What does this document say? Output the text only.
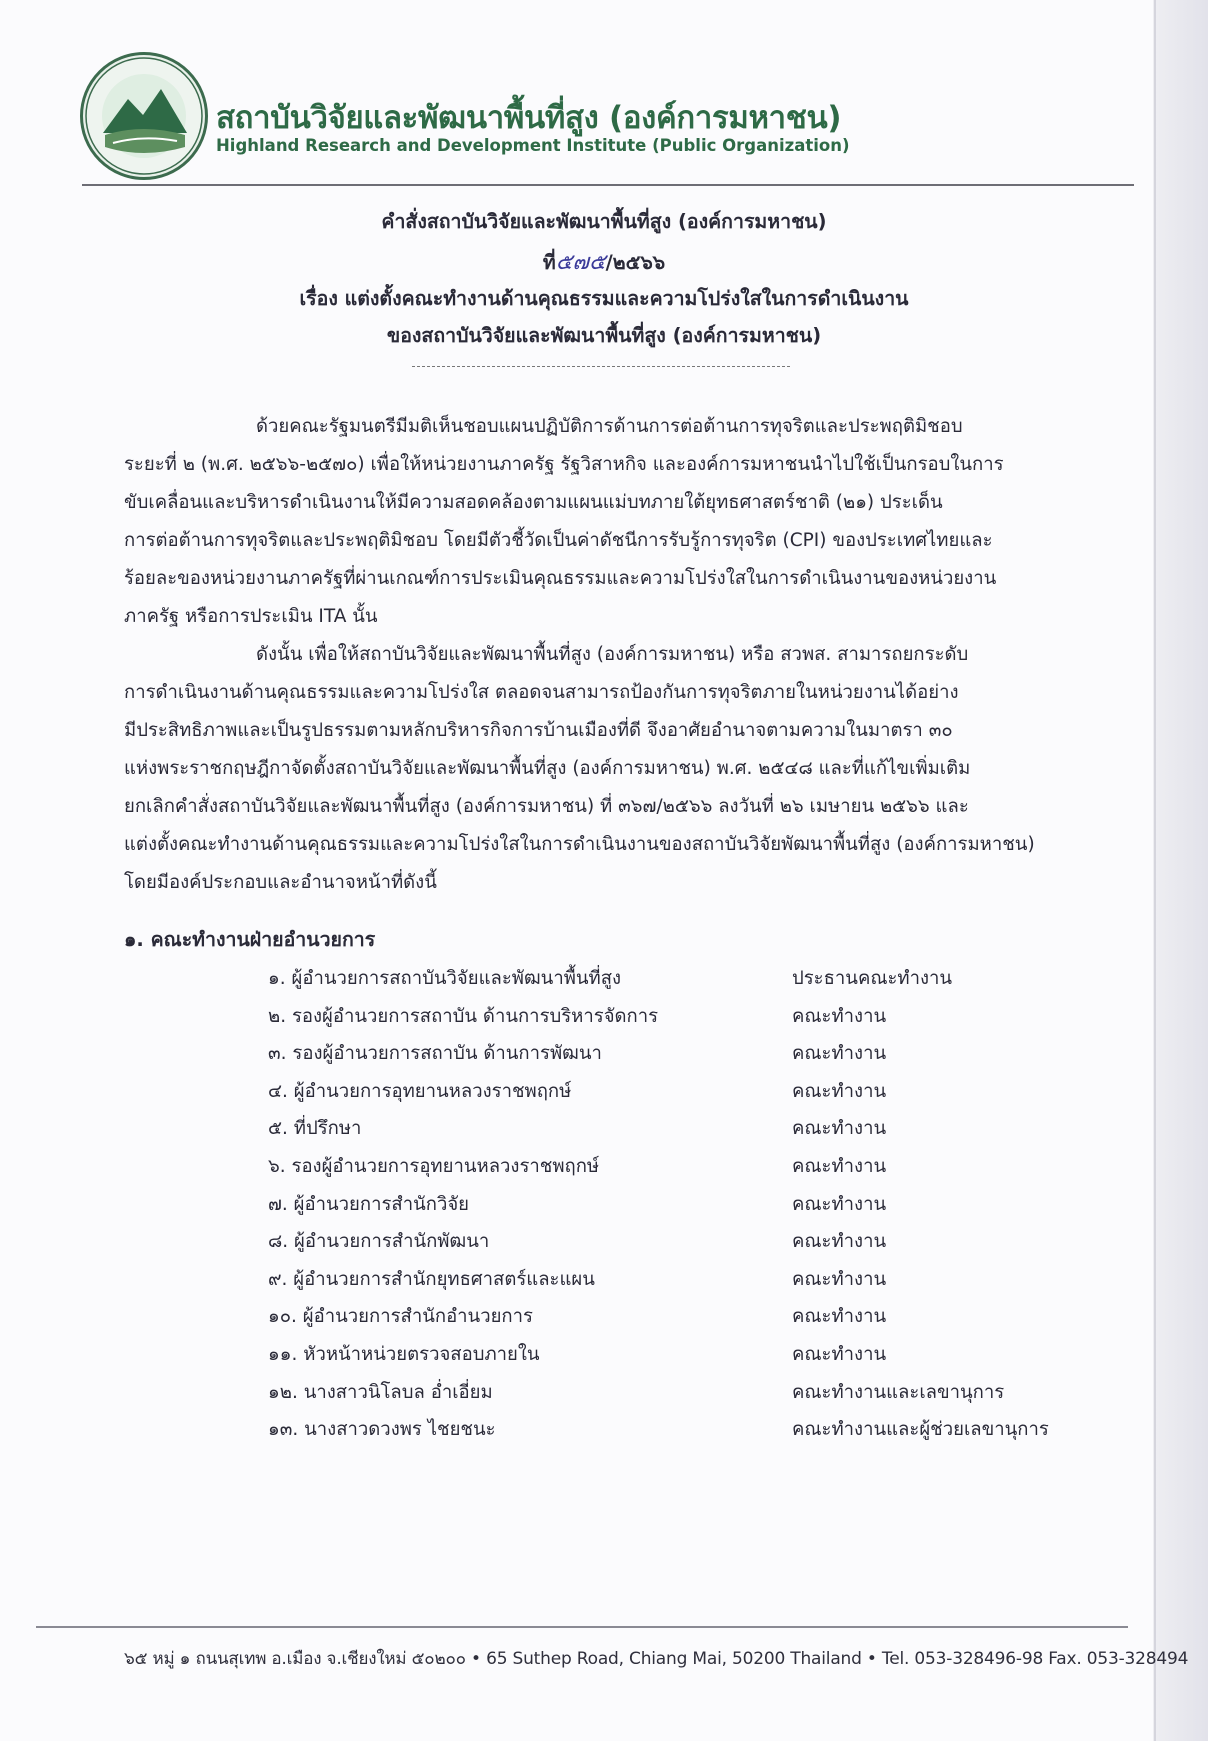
สถาบันวิจัยและพัฒนาพื้นที่สูง (องค์การมหาชน)
Highland Research and Development Institute (Public Organization)
คำสั่งสถาบันวิจัยและพัฒนาพื้นที่สูง (องค์การมหาชน)
ที่๕๗๕/๒๕๖๖
เรื่อง แต่งตั้งคณะทำงานด้านคุณธรรมและความโปร่งใสในการดำเนินงาน
ของสถาบันวิจัยและพัฒนาพื้นที่สูง (องค์การมหาชน)
ด้วยคณะรัฐมนตรีมีมติเห็นชอบแผนปฏิบัติการด้านการต่อต้านการทุจริตและประพฤติมิชอบ
ระยะที่ ๒ (พ.ศ. ๒๕๖๖-๒๕๗๐) เพื่อให้หน่วยงานภาครัฐ รัฐวิสาหกิจ และองค์การมหาชนนำไปใช้เป็นกรอบในการ
ขับเคลื่อนและบริหารดำเนินงานให้มีความสอดคล้องตามแผนแม่บทภายใต้ยุทธศาสตร์ชาติ (๒๑) ประเด็น
การต่อต้านการทุจริตและประพฤติมิชอบ โดยมีตัวชี้วัดเป็นค่าดัชนีการรับรู้การทุจริต (CPI) ของประเทศไทยและ
ร้อยละของหน่วยงานภาครัฐที่ผ่านเกณฑ์การประเมินคุณธรรมและความโปร่งใสในการดำเนินงานของหน่วยงาน
ภาครัฐ หรือการประเมิน ITA นั้น
ดังนั้น เพื่อให้สถาบันวิจัยและพัฒนาพื้นที่สูง (องค์การมหาชน) หรือ สวพส. สามารถยกระดับ
การดำเนินงานด้านคุณธรรมและความโปร่งใส ตลอดจนสามารถป้องกันการทุจริตภายในหน่วยงานได้อย่าง
มีประสิทธิภาพและเป็นรูปธรรมตามหลักบริหารกิจการบ้านเมืองที่ดี จึงอาศัยอำนาจตามความในมาตรา ๓๐
แห่งพระราชกฤษฎีกาจัดตั้งสถาบันวิจัยและพัฒนาพื้นที่สูง (องค์การมหาชน) พ.ศ. ๒๕๔๘ และที่แก้ไขเพิ่มเติม
ยกเลิกคำสั่งสถาบันวิจัยและพัฒนาพื้นที่สูง (องค์การมหาชน) ที่ ๓๖๗/๒๕๖๖ ลงวันที่ ๒๖ เมษายน ๒๕๖๖ และ
แต่งตั้งคณะทำงานด้านคุณธรรมและความโปร่งใสในการดำเนินงานของสถาบันวิจัยพัฒนาพื้นที่สูง (องค์การมหาชน)
โดยมีองค์ประกอบและอำนาจหน้าที่ดังนี้
๑. คณะทำงานฝ่ายอำนวยการ
๑. ผู้อำนวยการสถาบันวิจัยและพัฒนาพื้นที่สูง	ประธานคณะทำงาน
๒. รองผู้อำนวยการสถาบัน ด้านการบริหารจัดการ	คณะทำงาน
๓. รองผู้อำนวยการสถาบัน ด้านการพัฒนา	คณะทำงาน
๔. ผู้อำนวยการอุทยานหลวงราชพฤกษ์	คณะทำงาน
๕. ที่ปรึกษา	คณะทำงาน
๖. รองผู้อำนวยการอุทยานหลวงราชพฤกษ์	คณะทำงาน
๗. ผู้อำนวยการสำนักวิจัย	คณะทำงาน
๘. ผู้อำนวยการสำนักพัฒนา	คณะทำงาน
๙. ผู้อำนวยการสำนักยุทธศาสตร์และแผน	คณะทำงาน
๑๐. ผู้อำนวยการสำนักอำนวยการ	คณะทำงาน
๑๑. หัวหน้าหน่วยตรวจสอบภายใน	คณะทำงาน
๑๒. นางสาวนิโลบล อ่ำเอี่ยม	คณะทำงานและเลขานุการ
๑๓. นางสาวดวงพร ไชยชนะ	คณะทำงานและผู้ช่วยเลขานุการ
๖๕ หมู่ ๑ ถนนสุเทพ อ.เมือง จ.เชียงใหม่ ๕๐๒๐๐ • 65 Suthep Road, Chiang Mai, 50200 Thailand • Tel. 053-328496-98 Fax. 053-328494
